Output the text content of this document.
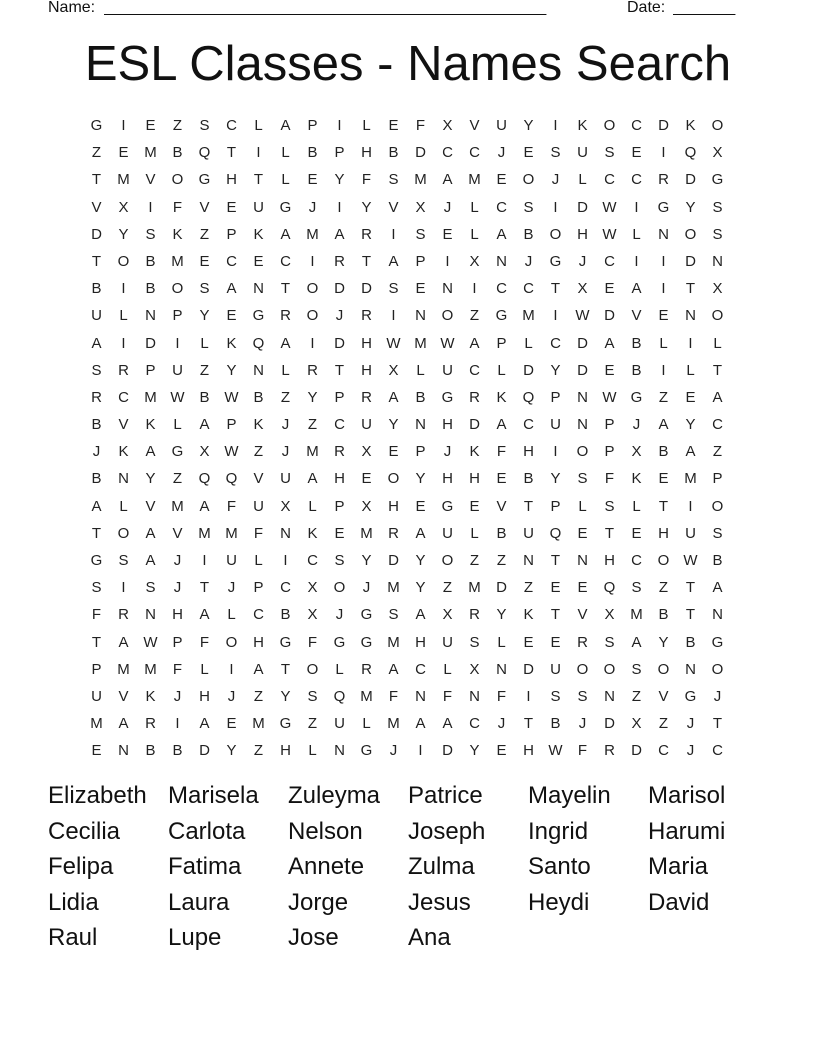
Name: ____________________________________________________	Date: _______
ESL Classes - Names Search
G	I	E	Z	S	C	L	A	P	I	L	E	F	X	V	U	Y	I	K	O	C	D	K	O
Z	E	M	B	Q	T	I	L	B	P	H	B	D	C	C	J	E	S	U	S	E	I	Q	X
T	M	V	O	G	H	T	L	E	Y	F	S	M	A	M	E	O	J	L	C	C	R	D	G
V	X	I	F	V	E	U	G	J	I	Y	V	X	J	L	C	S	I	D W	I	G	Y	S
D	Y	S	K	Z	P	K	A	M	A	R	I	S	E	L	A	B	O	H W	L	N	O	S
T	O	B	M	E	C	E	C	I	R	T	A	P	I	X	N	J	G	J	C	I	I	D	N
B	I	B	O	S	A	N	T	O	D	D	S	E	N	I	C	C	T	X	E	A	I	T	X
U	L	N	P	Y	E	G	R	O	J	R	I	N	O	Z	G M	I	W D	V	E	N	O
A	I	D	I	L	K	Q	A	I	D	H W M W A	P	L	C	D	A	B	L	I	L
S	R	P	U	Z	Y	N	L	R	T	H	X	L	U	C	L	D	Y	D	E	B	I	L	T
R	C	M W B W B	Z	Y	P	R	A	B	G	R	K	Q	P	N W G	Z	E	A
B	V	K	L	A	P	K	J	Z	C	U	Y	N	H	D	A	C	U	N	P	J	A	Y	C
J	K	A	G	X W	Z	J	M	R	X	E	P	J	K	F	H	I	O	P	X	B	A	Z
B	N	Y	Z	Q	Q	V	U	A	H	E	O	Y	H	H	E	B	Y	S	F	K	E	M	P
A	L	V	M	A	F	U	X	L	P	X	H	E	G	E	V	T	P	L	S	L	T	I	O
T	O	A	V	M M	F	N	K	E	M	R	A	U	L	B	U	Q	E	T	E	H	U	S
G	S	A	J	I	U	L	I	C	S	Y	D	Y	O	Z	Z	N	T	N	H	C	O W B
S	I	S	J	T	J	P	C	X	O	J	M	Y	Z	M	D	Z	E	E	Q	S	Z	T	A
F	R	N	H	A	L	C	B	X	J	G	S	A	X	R	Y	K	T	V	X	M	B	T	N
T	A W P	F	O	H	G	F	G	G M	H	U	S	L	E	E	R	S	A	Y	B	G
P	M M	F	L	I	A	T	O	L	R	A	C	L	X	N	D	U	O	O	S	O	N	O
U	V	K	J	H	J	Z	Y	S	Q M	F	N	F	N	F	I	S	S	N	Z	V	G	J
M	A	R	I	A	E	M G	Z	U	L	M	A	A	C	J	T	B	J	D	X	Z	J	T
E	N	B	B	D	Y	Z	H	L	N	G	J	I	D	Y	E	H W	F	R	D	C	J	C
Elizabeth Marisela	Zuleyma	Patrice	Mayelin	Marisol
Cecilia	Carlota	Nelson	Joseph	Ingrid	Harumi
Felipa	Fatima	Annete	Zulma	Santo	Maria
Lidia	Laura	Jorge	Jesus	Heydi	David
Raul	Lupe	Jose	Ana
